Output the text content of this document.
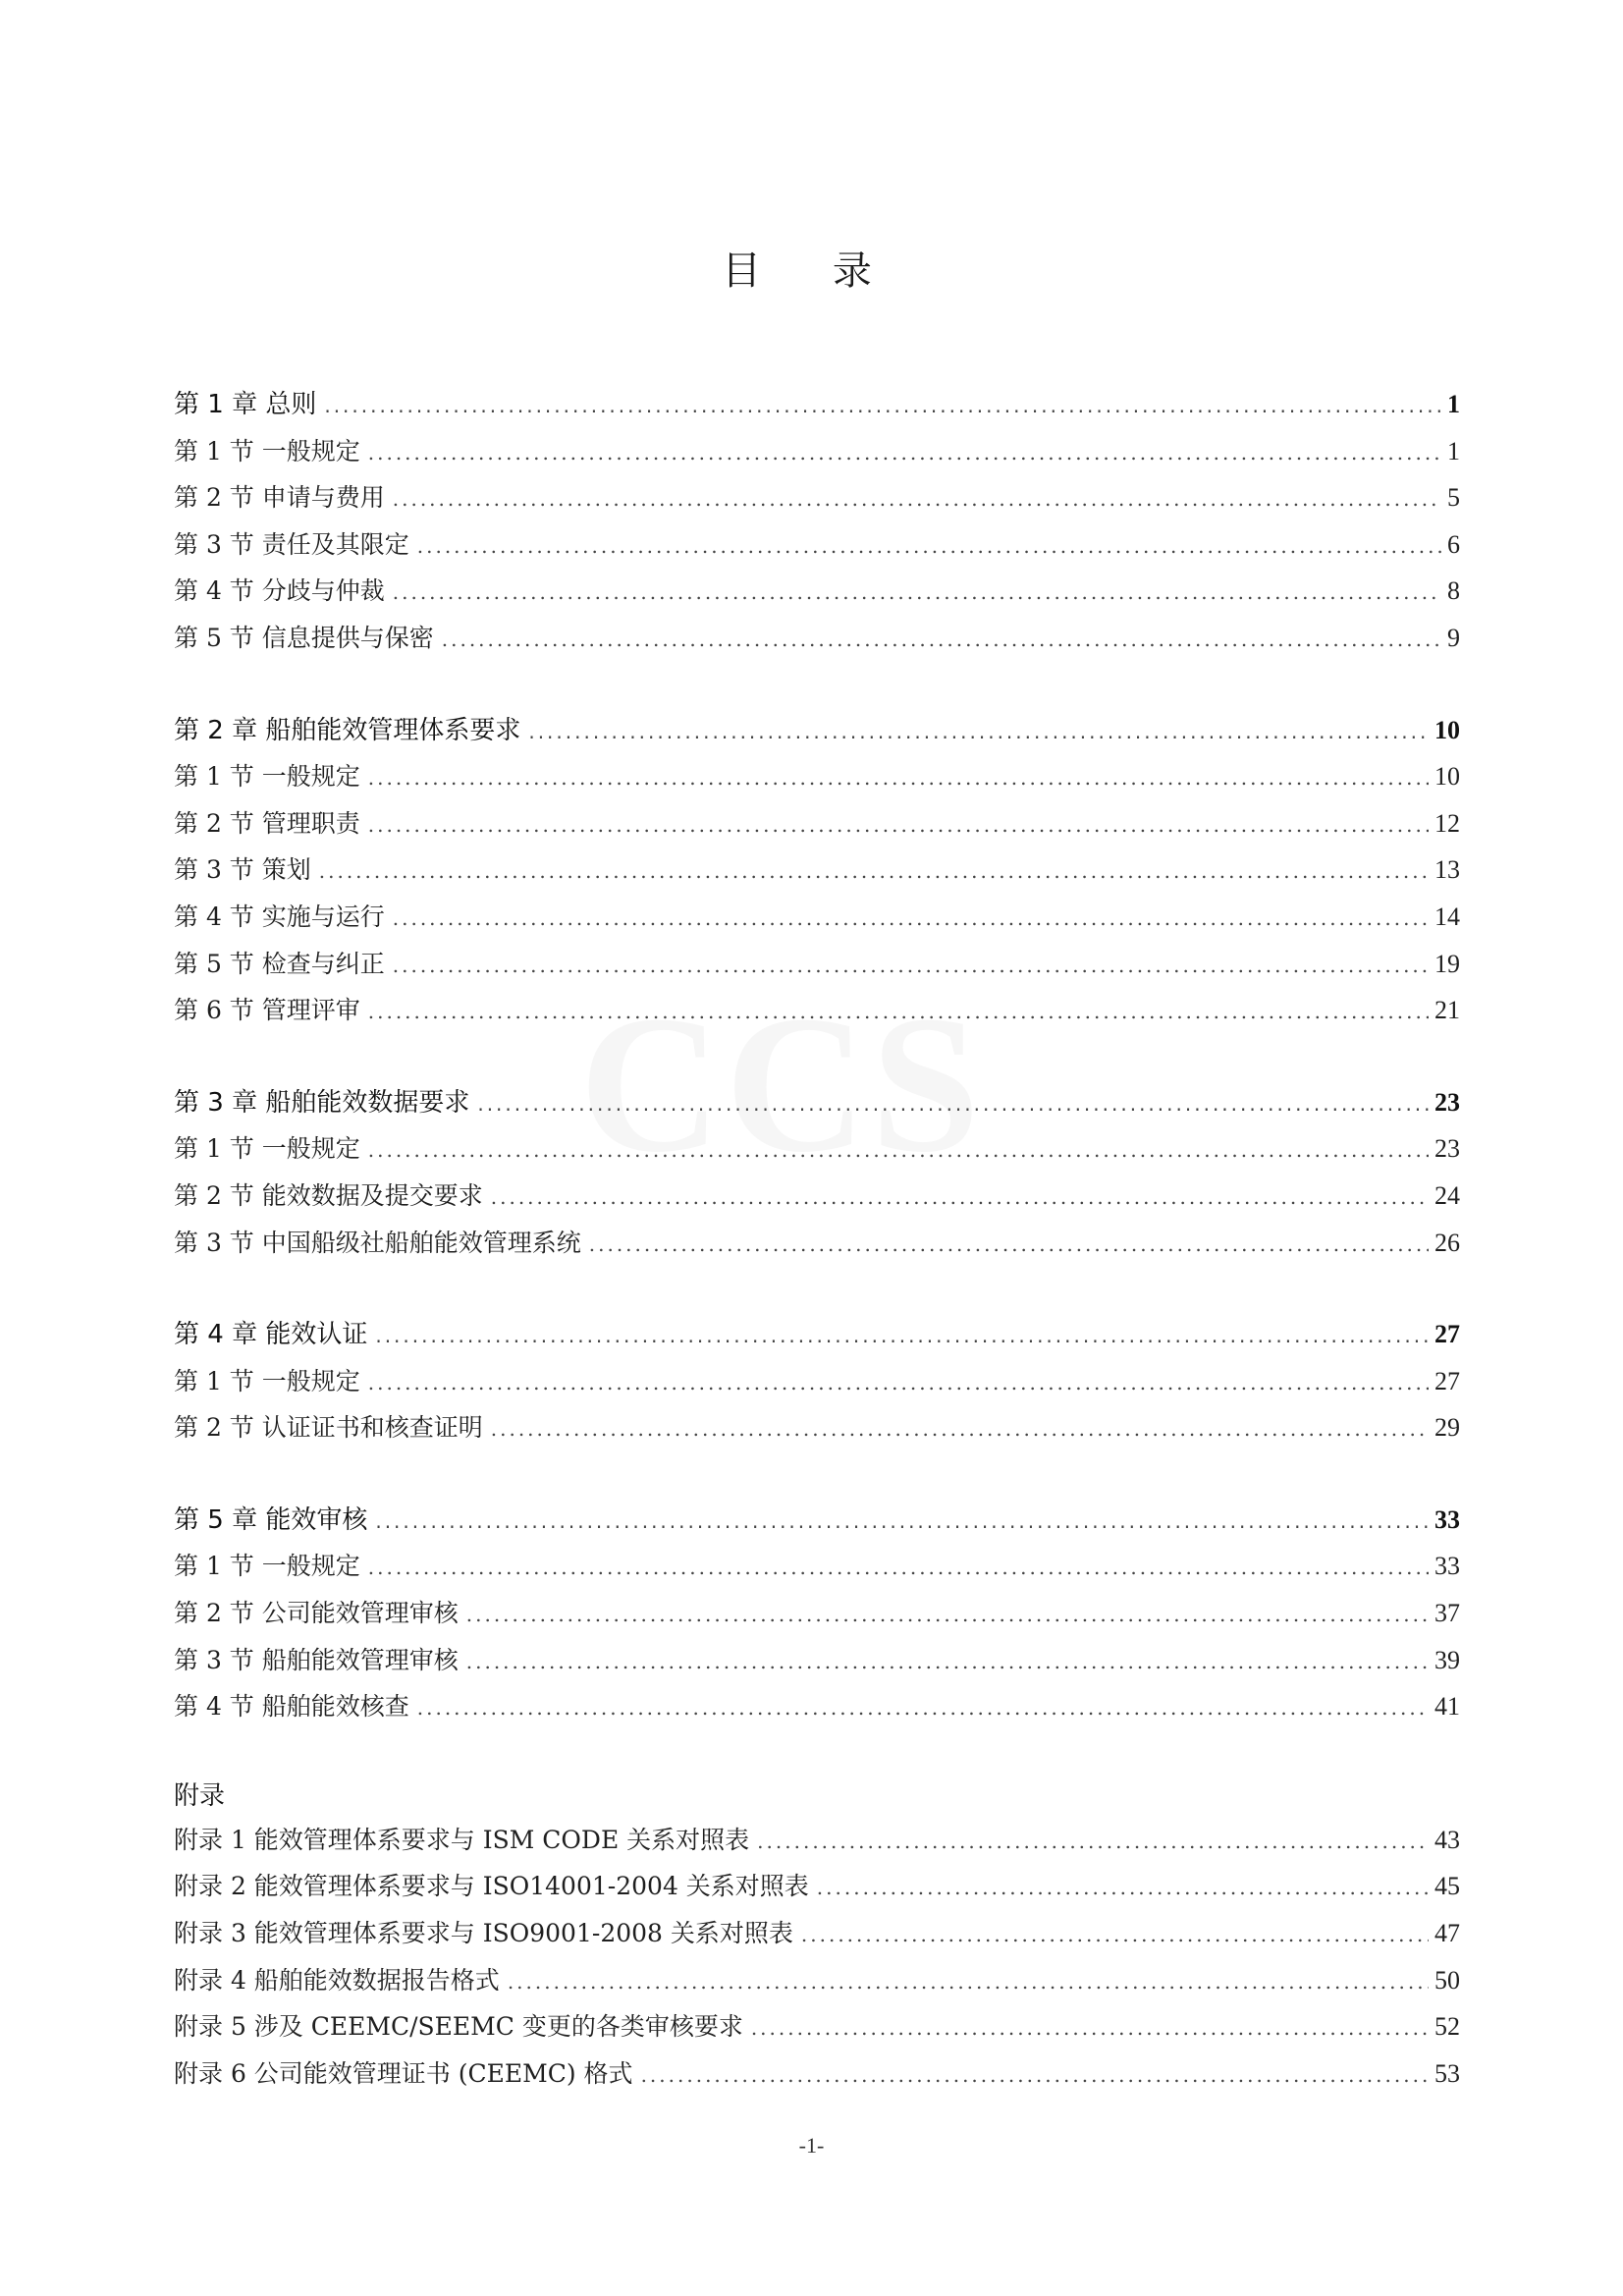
CCS
目 录
第 1 章 总则 .....	1
第 1 节 一般规定 .....	1
第 2 节 申请与费用 .....	5
第 3 节 责任及其限定 .....	6
第 4 节 分歧与仲裁 .....	8
第 5 节 信息提供与保密 .....	9
第 2 章 船舶能效管理体系要求 .....	10
第 1 节 一般规定 .....	10
第 2 节 管理职责 .....	12
第 3 节 策划 .....	13
第 4 节 实施与运行 .....	14
第 5 节 检查与纠正 .....	19
第 6 节 管理评审 .....	21
第 3 章 船舶能效数据要求 .....	23
第 1 节 一般规定 .....	23
第 2 节 能效数据及提交要求 .....	24
第 3 节 中国船级社船舶能效管理系统 .....	26
第 4 章 能效认证 .....	27
第 1 节 一般规定 .....	27
第 2 节 认证证书和核查证明 .....	29
第 5 章 能效审核 .....	33
第 1 节 一般规定 .....	33
第 2 节 公司能效管理审核 .....	37
第 3 节 船舶能效管理审核 .....	39
第 4 节 船舶能效核查 .....	41
附录
附录 1 能效管理体系要求与 ISM CODE 关系对照表 .....	43
附录 2 能效管理体系要求与 ISO14001-2004 关系对照表 .....	45
附录 3 能效管理体系要求与 ISO9001-2008 关系对照表 .....	47
附录 4 船舶能效数据报告格式 .....	50
附录 5 涉及 CEEMC/SEEMC 变更的各类审核要求 .....	52
附录 6 公司能效管理证书 (CEEMC) 格式 .....	53
-1-
